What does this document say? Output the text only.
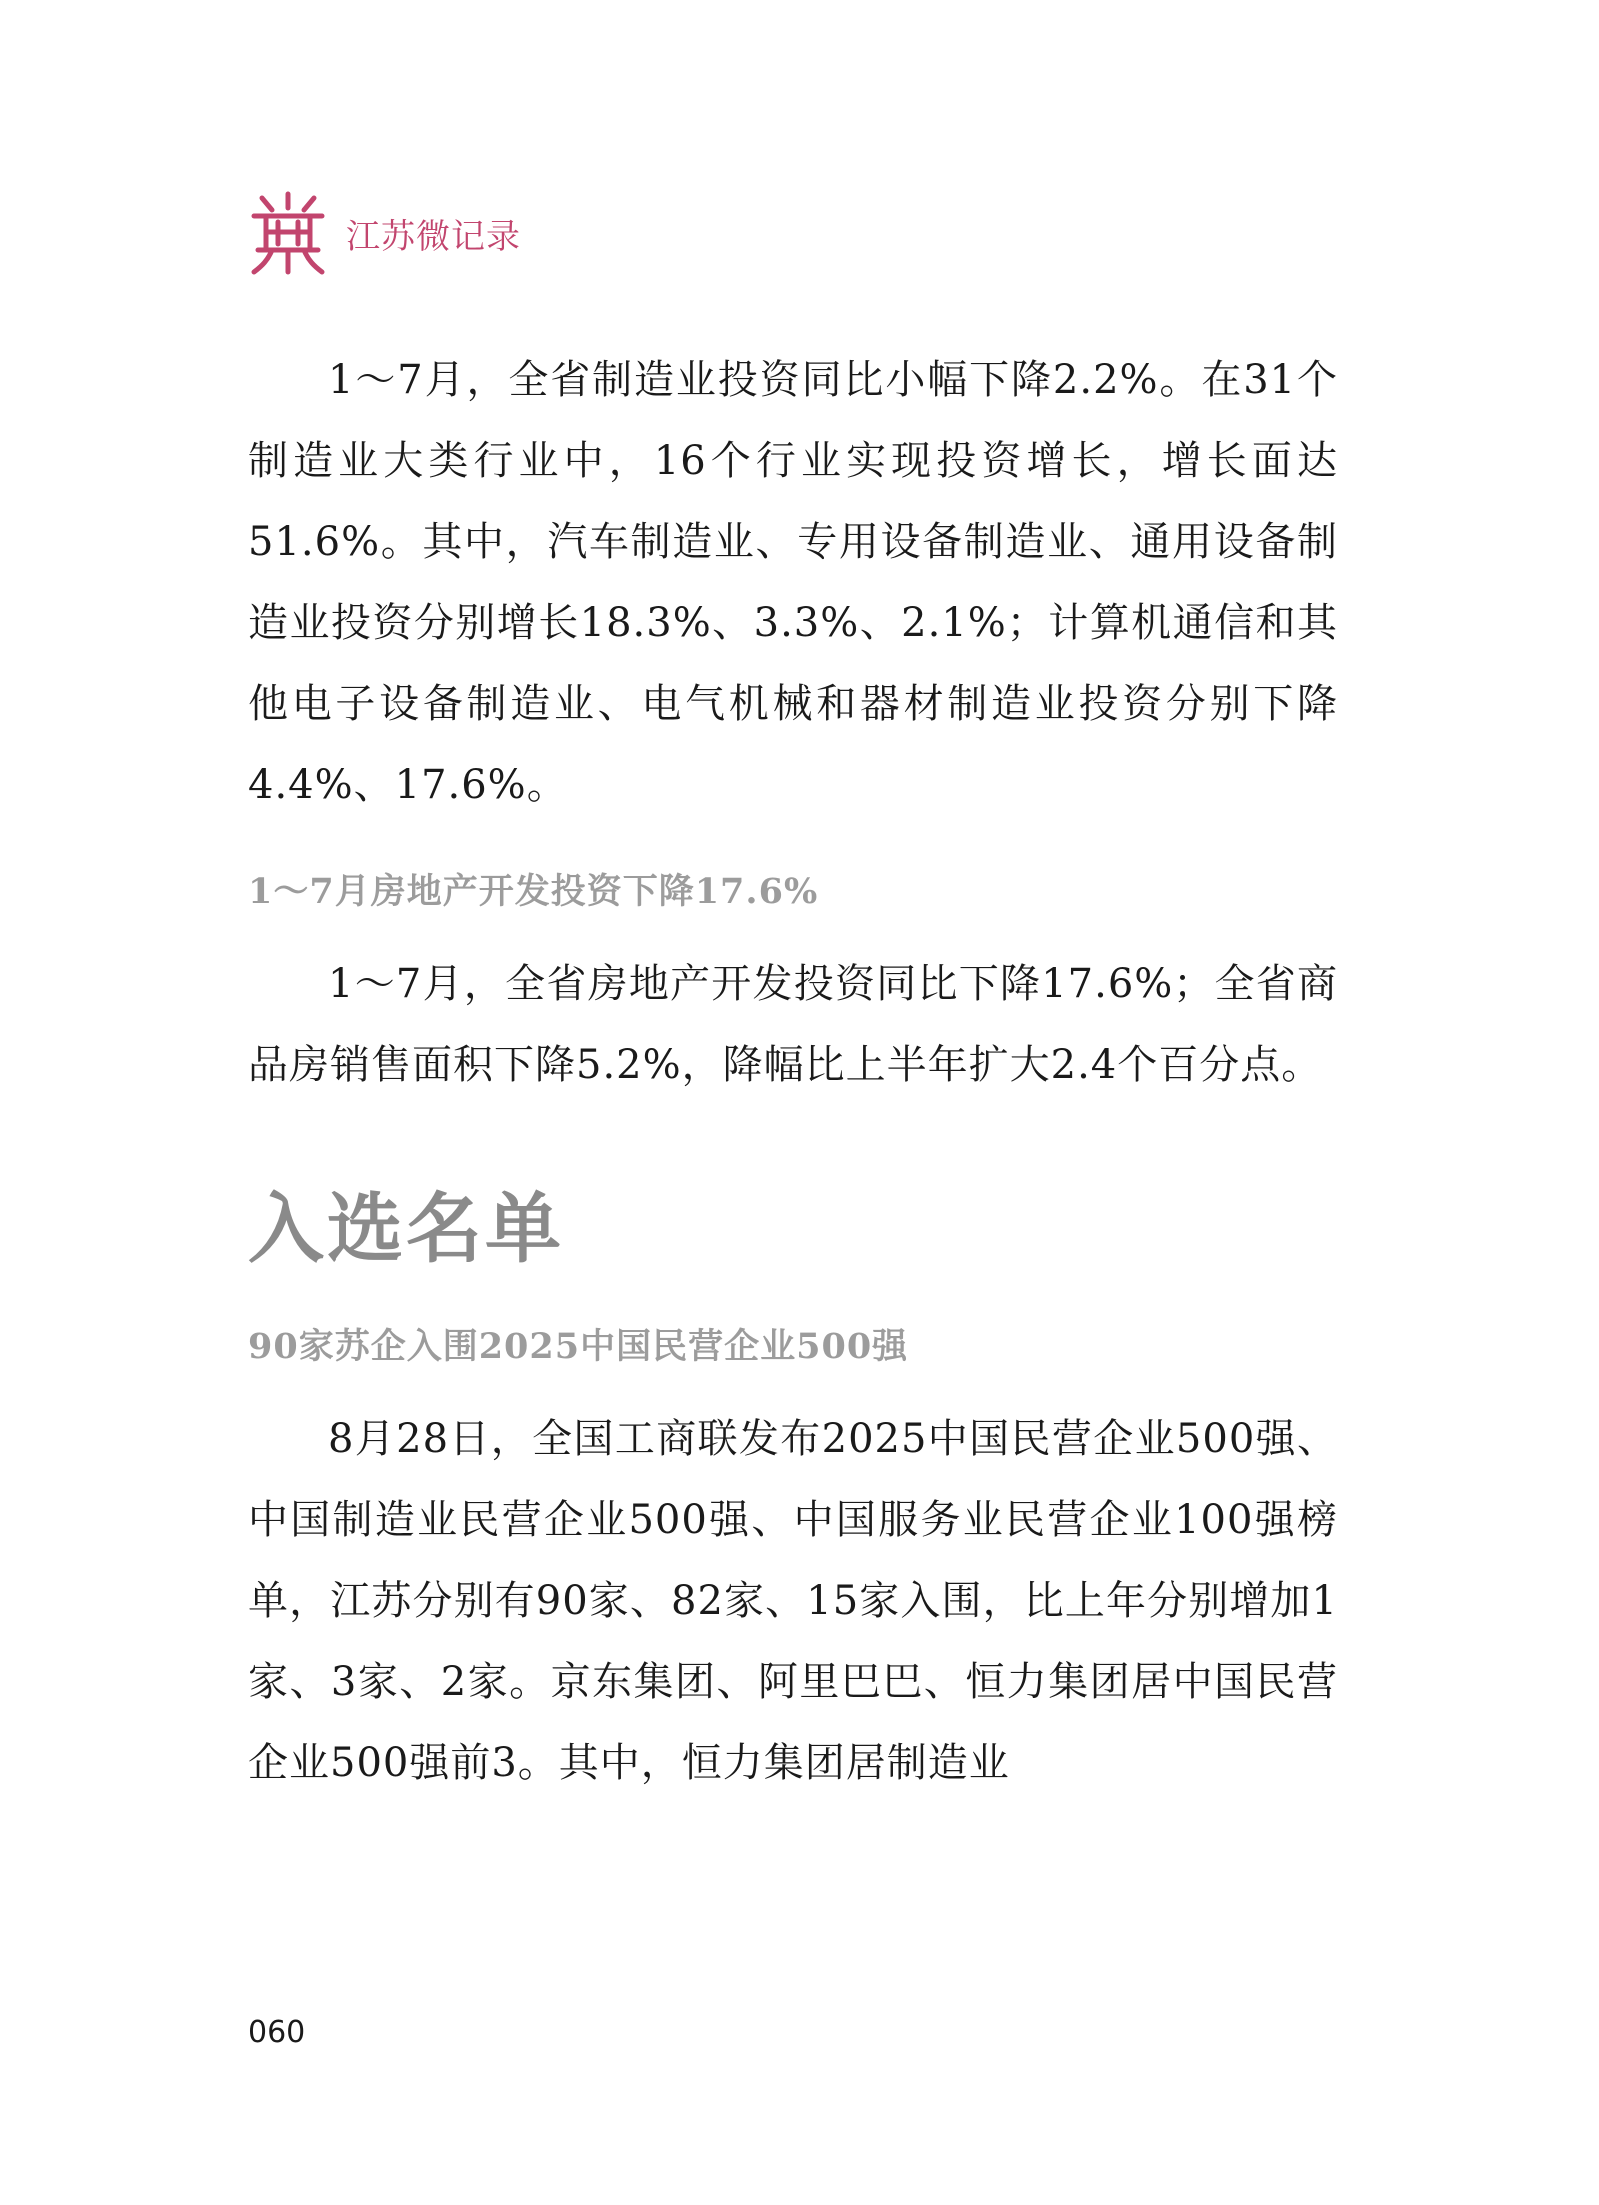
江苏微记录

1～7月，全省制造业投资同比小幅下降2.2%。在31个制造业大类行业中，16个行业实现投资增长，增长面达51.6%。其中，汽车制造业、专用设备制造业、通用设备制造业投资分别增长18.3%、3.3%、2.1%；计算机通信和其他电子设备制造业、电气机械和器材制造业投资分别下降4.4%、17.6%。

1～7月房地产开发投资下降17.6%

1～7月，全省房地产开发投资同比下降17.6%；全省商品房销售面积下降5.2%，降幅比上半年扩大2.4个百分点。

入选名单

90家苏企入围2025中国民营企业500强

8月28日，全国工商联发布2025中国民营企业500强、中国制造业民营企业500强、中国服务业民营企业100强榜单，江苏分别有90家、82家、15家入围，比上年分别增加1家、3家、2家。京东集团、阿里巴巴、恒力集团居中国民营企业500强前3。其中，恒力集团居制造业

060
